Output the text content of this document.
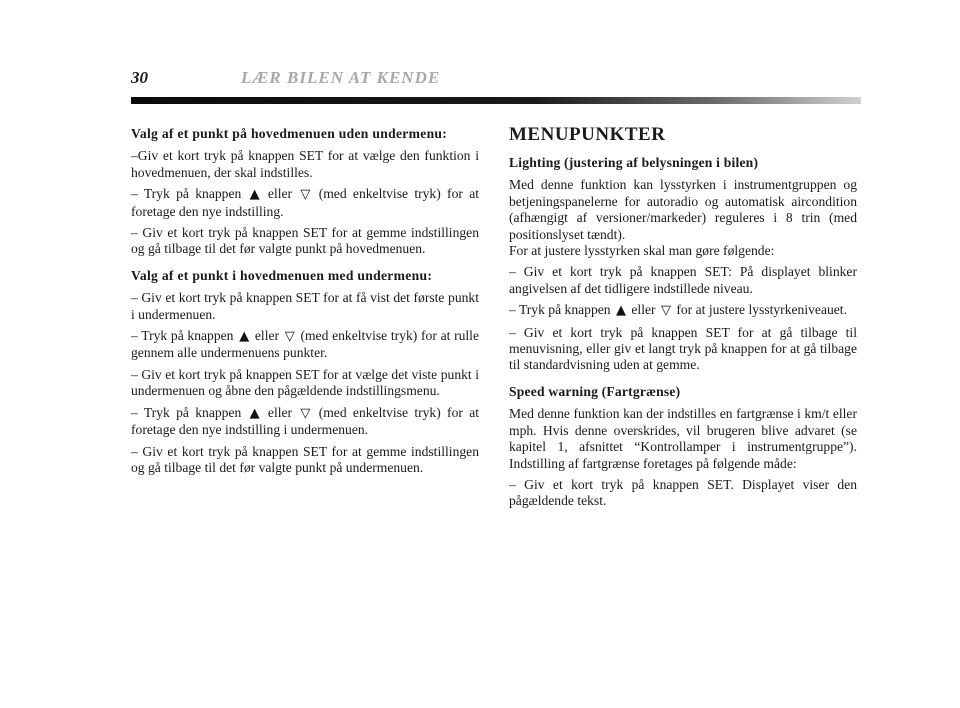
30	LÆR BILEN AT KENDE
Valg af et punkt på hovedmenuen uden undermenu:

–Giv et kort tryk på knappen SET for at vælge den funktion i hovedmenuen, der skal indstilles.

– Tryk på knappen ▲ eller ▽ (med enkeltvise tryk) for at foretage den nye indstilling.

– Giv et kort tryk på knappen SET for at gemme indstillingen og gå tilbage til det før valgte punkt på hovedmenuen.

Valg af et punkt i hovedmenuen med undermenu:

– Giv et kort tryk på knappen SET for at få vist det første punkt i undermenuen.

– Tryk på knappen ▲ eller ▽ (med enkeltvise tryk) for at rulle gennem alle undermenuens punkter.

– Giv et kort tryk på knappen SET for at vælge det viste punkt i undermenuen og åbne den pågældende indstillingsmenu.

– Tryk på knappen ▲ eller ▽ (med enkeltvise tryk) for at foretage den nye indstilling i undermenuen.

– Giv et kort tryk på knappen SET for at gemme indstillingen og gå tilbage til det før valgte punkt på undermenuen.

MENUPUNKTER
Lighting (justering af belysningen i bilen)

Med denne funktion kan lysstyrken i instrumentgruppen og betjeningspanelerne for autoradio og automatisk aircondition (afhængigt af versioner/markeder) reguleres i 8 trin (med positionslyset tændt).

For at justere lysstyrken skal man gøre følgende:

– Giv et kort tryk på knappen SET: På displayet blinker angivelsen af det tidligere indstillede niveau.

– Tryk på knappen ▲ eller ▽ for at justere lysstyrkeniveauet.

– Giv et kort tryk på knappen SET for at gå tilbage til menuvisning, eller giv et langt tryk på knappen for at gå tilbage til standardvisning uden at gemme.

Speed warning (Fartgrænse)

Med denne funktion kan der indstilles en fartgrænse i km/t eller mph. Hvis denne overskrides, vil brugeren blive advaret (se kapitel 1, afsnittet “Kontrollamper i instrumentgruppe”). Indstilling af fartgrænse foretages på følgende måde:

– Giv et kort tryk på knappen SET. Displayet viser den pågældende tekst.
